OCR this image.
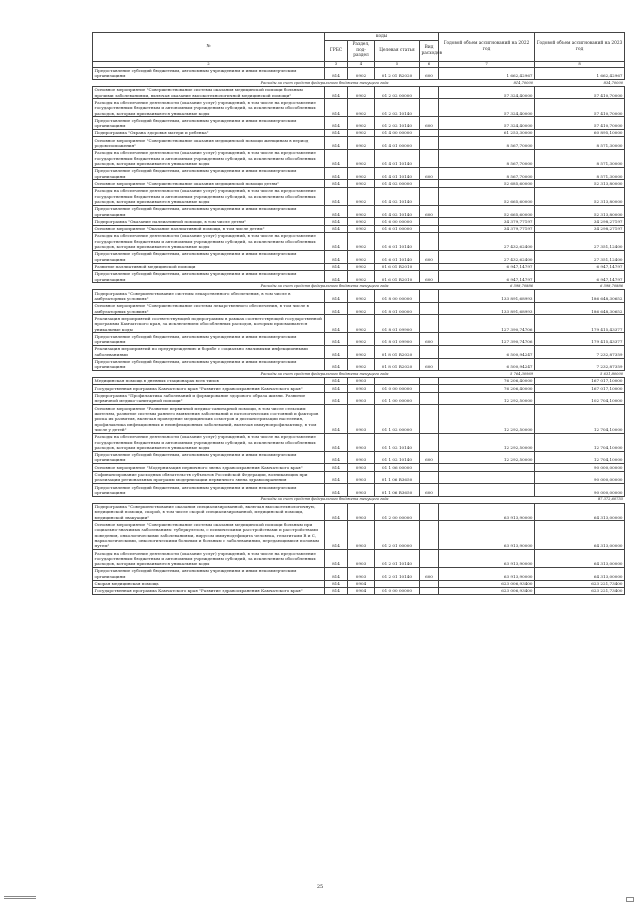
№	коды				Годовой объем ассигнований на 2022 год	Годовой объем ассигнований на 2023 год
	ГРБС	Раздел, под-раздел	Целевая статья	Вид расходов		
2	3	4	5	6	7	8
Предоставление субсидий бюджетным, автономным учреждениям и иным некоммерческим организациям	814	0902	01 2 01 R2020	600	1 662,42967	1 662,42967
Расходы за счет средств федерального бюджета текущего года					814,70000	834,70000
Основное мероприятие "Совершенствование системы оказания медицинской помощи больным прочими заболеваниями, включая оказание высокотехнологичной медицинской помощи"	814	0902	01 2 02 00000		57 324,40000	57 410,70000
Расходы на обеспечение деятельности (оказание услуг) учреждений, в том числе на предоставление государственным бюджетным и автономным учреждениям субсидий, за исключением обособленных расходов, которым присваиваются уникальные коды	814	0902	01 2 02 10140		57 324,40000	57 410,70000
Предоставление субсидий бюджетным, автономным учреждениям и иным некоммерческим организациям	814	0902	01 2 02 10140	600	57 324,40000	57 410,70000
Подпрограмма "Охрана здоровья матери и ребенка"	814	0902	01 4 00 00000		61 253,30000	60 895,10000
Основное мероприятие "Совершенствование оказания медицинской помощи женщинам в период родовспоможения"	814	0902	01 4 01 00000		8 567,70000	8 571,30000
Расходы на обеспечение деятельности (оказание услуг) учреждений, в том числе на предоставление государственным бюджетным и автономным учреждениям субсидий, за исключением обособленных расходов, которым присваиваются уникальные коды	814	0902	01 4 01 10140		8 567,70000	8 571,30000
Предоставление субсидий бюджетным, автономным учреждениям и иным некоммерческим организациям	814	0902	01 4 01 10140	600	8 567,70000	8 571,30000
Основное мероприятие "Совершенствование оказания медицинской помощи детям"	814	0902	01 4 02 00000		52 685,60000	52 313,80000
Расходы на обеспечение деятельности (оказание услуг) учреждений, в том числе на предоставление государственным бюджетным и автономным учреждениям субсидий, за исключением обособленных расходов, которым присваиваются уникальные коды	814	0902	01 4 02 10140		52 665,60000	52 313,80000
Предоставление субсидий бюджетным, автономным учреждениям и иным некоммерческим организациям	814	0902	01 4 02 10140	600	52 665,60000	52 313,80000
Подпрограмма "Оказание паллиативной помощи, в том числе детям"	814	0902	01 6 00 00000		34 379,77197	34 298,27197
Основное мероприятие "Оказание паллиативной помощи, в том числе детям"	814	0902	01 6 01 00000		34 379,77197	34 298,27197
Расходы на обеспечение деятельности (оказание услуг) учреждений, в том числе на предоставление государственным бюджетным и автономным учреждениям субсидий, за исключением обособленных расходов, которым присваиваются уникальные коды	814	0902	01 6 01 10140		27 432,62400	27 351,12400
Предоставление субсидий бюджетным, автономным учреждениям и иным некоммерческим организациям	814	0902	01 6 01 10140	600	27 432,62400	27 351,12400
Развитие паллиативной медицинской помощи	814	0902	01 6 01 R2010		6 947,14797	6 947,14797
Предоставление субсидий бюджетным, автономным учреждениям и иным некоммерческим организациям	814	0902	01 6 01 R2010	600	6 947,14797	6 947,14797
Расходы за счет средств федерального бюджета текущего года					6 598,70886	6 598,70886
Подпрограмма "Совершенствование системы лекарственного обеспечения, в том числе в амбулаторных условиях"	814	0902	01 8 00 00000		133 891,68993	186 648,30652
Основное мероприятие "Совершенствование системы лекарственного обеспечения, в том числе в амбулаторных условиях"	814	0902	01 8 01 00000		133 891,68993	186 648,30652
Реализация мероприятий соответствующей подпрограммы в рамках соответствующей государственной программы Камчатского края, за исключением обособленных расходов, которым присваиваются уникальные коды	814	0902	01 8 01 09900		127 390,74706	179 415,43377
Предоставление субсидий бюджетным, автономным учреждениям и иным некоммерческим организациям	814	0902	01 8 01 09900	600	127 390,74706	179 415,43377
Реализация мероприятий по предупреждению и борьбе с социально значимыми инфекционными заболеваниями	814	0902	01 8 01 R2020		6 500,94247	7 232,87359
Предоставление субсидий бюджетным, автономным учреждениям и иным некоммерческим организациям	814	0902	01 8 01 R2020	600	6 500,94247	7 232,87359
Расходы за счет средств федерального бюджета текущего года					5 764,30969	5 631,80000
Медицинская помощь в дневных стационарах всех типов	814	0903			76 206,40000	167 017,10000
Государственная программа Камчатского края "Развитие здравоохранения Камчатского края"	814	0903	01 0 00 00000		76 206,40000	167 017,10000
Подпрограмма "Профилактика заболеваний и формирование здорового образа жизни. Развитие первичной медико-санитарной помощи"	814	0903	01 1 00 00000		12 292,50000	102 704,10000
Основное мероприятие "Развитие первичной медико-санитарной помощи, в том числе сельским жителям, развитие системы раннего выявления заболеваний и патологических состояний и факторов риска их развития, включая проведение медицинских осмотров и диспансеризации населения, профилактика инфекционных и неинфекционных заболеваний, включая иммунопрофилактику, в том числе у детей"	814	0903	01 1 02 00000		12 292,50000	12 704,10000
Расходы на обеспечение деятельности (оказание услуг) учреждений, в том числе на предоставление государственным бюджетным и автономным учреждениям субсидий, за исключением обособленных расходов, которым присваиваются уникальные коды	814	0903	01 1 02 10140		12 292,50000	12 704,10000
Предоставление субсидий бюджетным, автономным учреждениям и иным некоммерческим организациям	814	0903	01 1 02 10140	600	12 292,50000	12 704,10000
Основное мероприятие "Модернизация первичного звена здравоохранения Камчатского края"	814	0903	01 1 06 00000			90 000,00000
Софинансирование расходных обязательств субъектов Российской Федерации, возникающих при реализации региональных программ модернизации первичного звена здравоохранения	814	0903	01 1 06 R3650			90 000,00000
Предоставление субсидий бюджетным, автономным учреждениям и иным некоммерческим организациям	814	0903	01 1 06 R3650	600		90 000,00000
Расходы за счет средств федерального бюджета текущего года						87 372,60755
Подпрограмма "Совершенствование оказания специализированной, включая высокотехнологичную, медицинской помощи, скорой, в том числе скорой специализированной, медицинской помощи, медицинской эвакуации"	814	0903	01 2 00 00000		63 913,90000	64 313,00000
Основное мероприятие "Совершенствование системы оказания медицинской помощи больным при социально-значимых заболеваниях: туберкулезом, с психическими расстройствами и расстройствами поведения, онкологическими заболеваниями, вирусом иммунодефицита человека, гепатитами B и C, наркологическими, онкологическими больным и больным с заболеваниями, передающимися половым путем"	814	0903	01 2 01 00000		63 913,90000	64 313,00000
Расходы на обеспечение деятельности (оказание услуг) учреждений, в том числе на предоставление государственным бюджетным и автономным учреждениям субсидий, за исключением обособленных расходов, которым присваиваются уникальные коды	814	0903	01 2 01 10140		63 913,90000	64 313,00000
Предоставление субсидий бюджетным, автономным учреждениям и иным некоммерческим организациям	814	0903	01 2 01 10140	600	63 913,90000	64 313,00000
Скорая медицинская помощь	814	0904			623 006,93400	623 221,73400
Государственная программа Камчатского края "Развитие здравоохранения Камчатского края"	814	0904	01 0 00 00000		623 006,93400	623 221,73400
25
